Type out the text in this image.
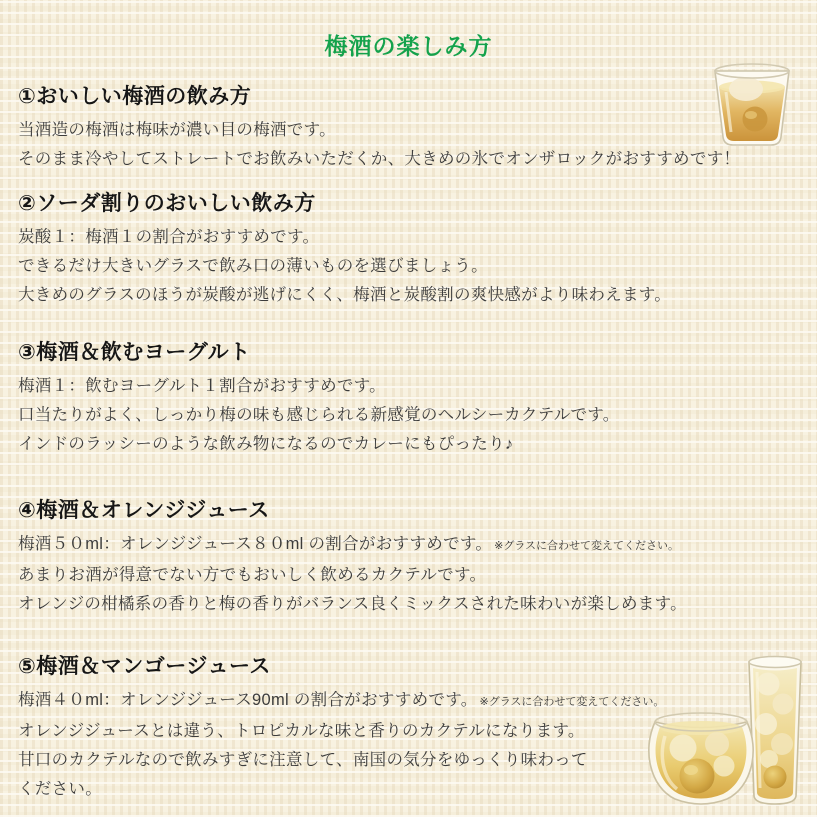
梅酒の楽しみ方
①おいしい梅酒の飲み方
当酒造の梅酒は梅味が濃い目の梅酒です。
そのまま冷やしてストレートでお飲みいただくか、大きめの氷でオンザロックがおすすめです！
②ソーダ割りのおいしい飲み方
炭酸１：梅酒１の割合がおすすめです。
できるだけ大きいグラスで飲み口の薄いものを選びましょう。
大きめのグラスのほうが炭酸が逃げにくく、梅酒と炭酸割の爽快感がより味わえます。
③梅酒＆飲むヨーグルト
梅酒１：飲むヨーグルト１割合がおすすめです。
口当たりがよく、しっかり梅の味も感じられる新感覚のヘルシーカクテルです。
インドのラッシーのような飲み物になるのでカレーにもぴったり♪
④梅酒＆オレンジジュース
梅酒５０ml：オレンジジュース８０ml の割合がおすすめです。 ※グラスに合わせて変えてください。
あまりお酒が得意でない方でもおいしく飲めるカクテルです。
オレンジの柑橘系の香りと梅の香りがバランス良くミックスされた味わいが楽しめます。
⑤梅酒＆マンゴージュース
梅酒４０ml：オレンジジュース90ml の割合がおすすめです。 ※グラスに合わせて変えてください。
オレンジジュースとは違う、トロピカルな味と香りのカクテルになります。
甘口のカクテルなので飲みすぎに注意して、南国の気分をゆっくり味わって
ください。
